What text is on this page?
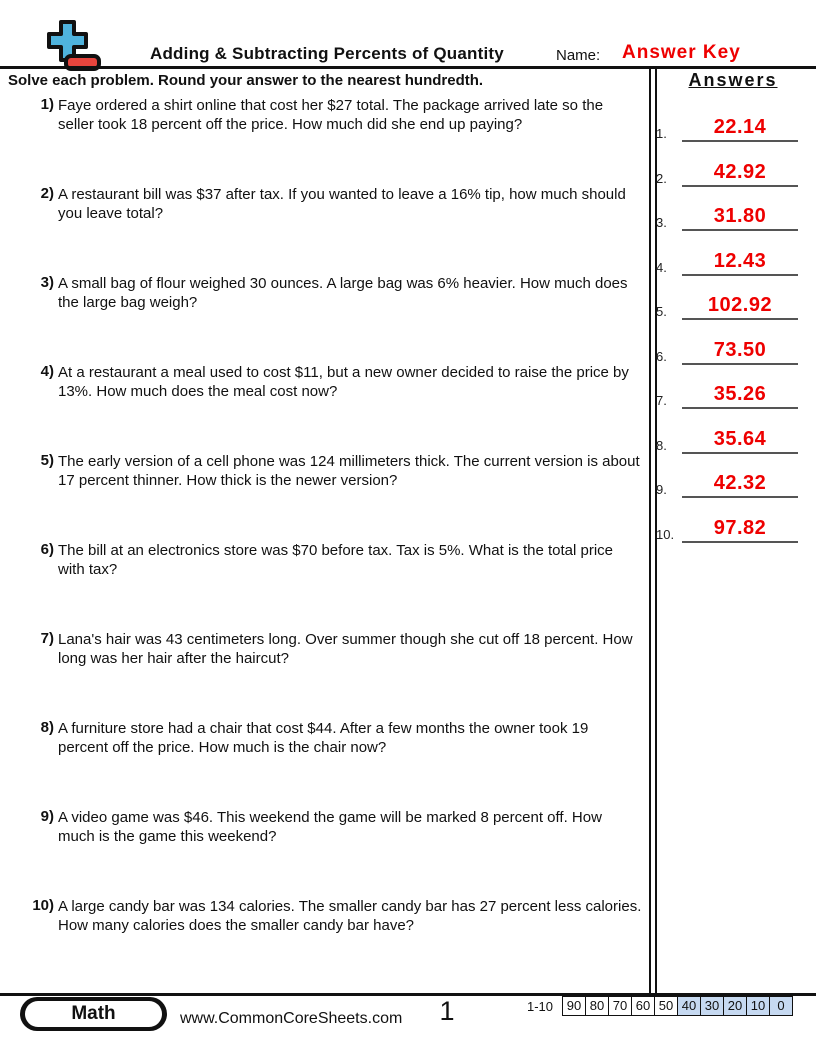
Adding & Subtracting Percents of Quantity	Name: Answer Key
Solve each problem. Round your answer to the nearest hundredth.
1) Faye ordered a shirt online that cost her $27 total. The package arrived late so the seller took 18 percent off the price. How much did she end up paying?
2) A restaurant bill was $37 after tax. If you wanted to leave a 16% tip, how much should you leave total?
3) A small bag of flour weighed 30 ounces. A large bag was 6% heavier. How much does the large bag weigh?
4) At a restaurant a meal used to cost $11, but a new owner decided to raise the price by 13%. How much does the meal cost now?
5) The early version of a cell phone was 124 millimeters thick. The current version is about 17 percent thinner. How thick is the newer version?
6) The bill at an electronics store was $70 before tax. Tax is 5%. What is the total price with tax?
7) Lana's hair was 43 centimeters long. Over summer though she cut off 18 percent. How long was her hair after the haircut?
8) A furniture store had a chair that cost $44. After a few months the owner took 19 percent off the price. How much is the chair now?
9) A video game was $46. This weekend the game will be marked 8 percent off. How much is the game this weekend?
10) A large candy bar was 134 calories. The smaller candy bar has 27 percent less calories. How many calories does the smaller candy bar have?
Answers
1.	22.14
2.	42.92
3.	31.80
4.	12.43
5.	102.92
6.	73.50
7.	35.26
8.	35.64
9.	42.32
10.	97.82
Math	www.CommonCoreSheets.com	1	1-10	90 80 70 60 50 40 30 20 10 0
